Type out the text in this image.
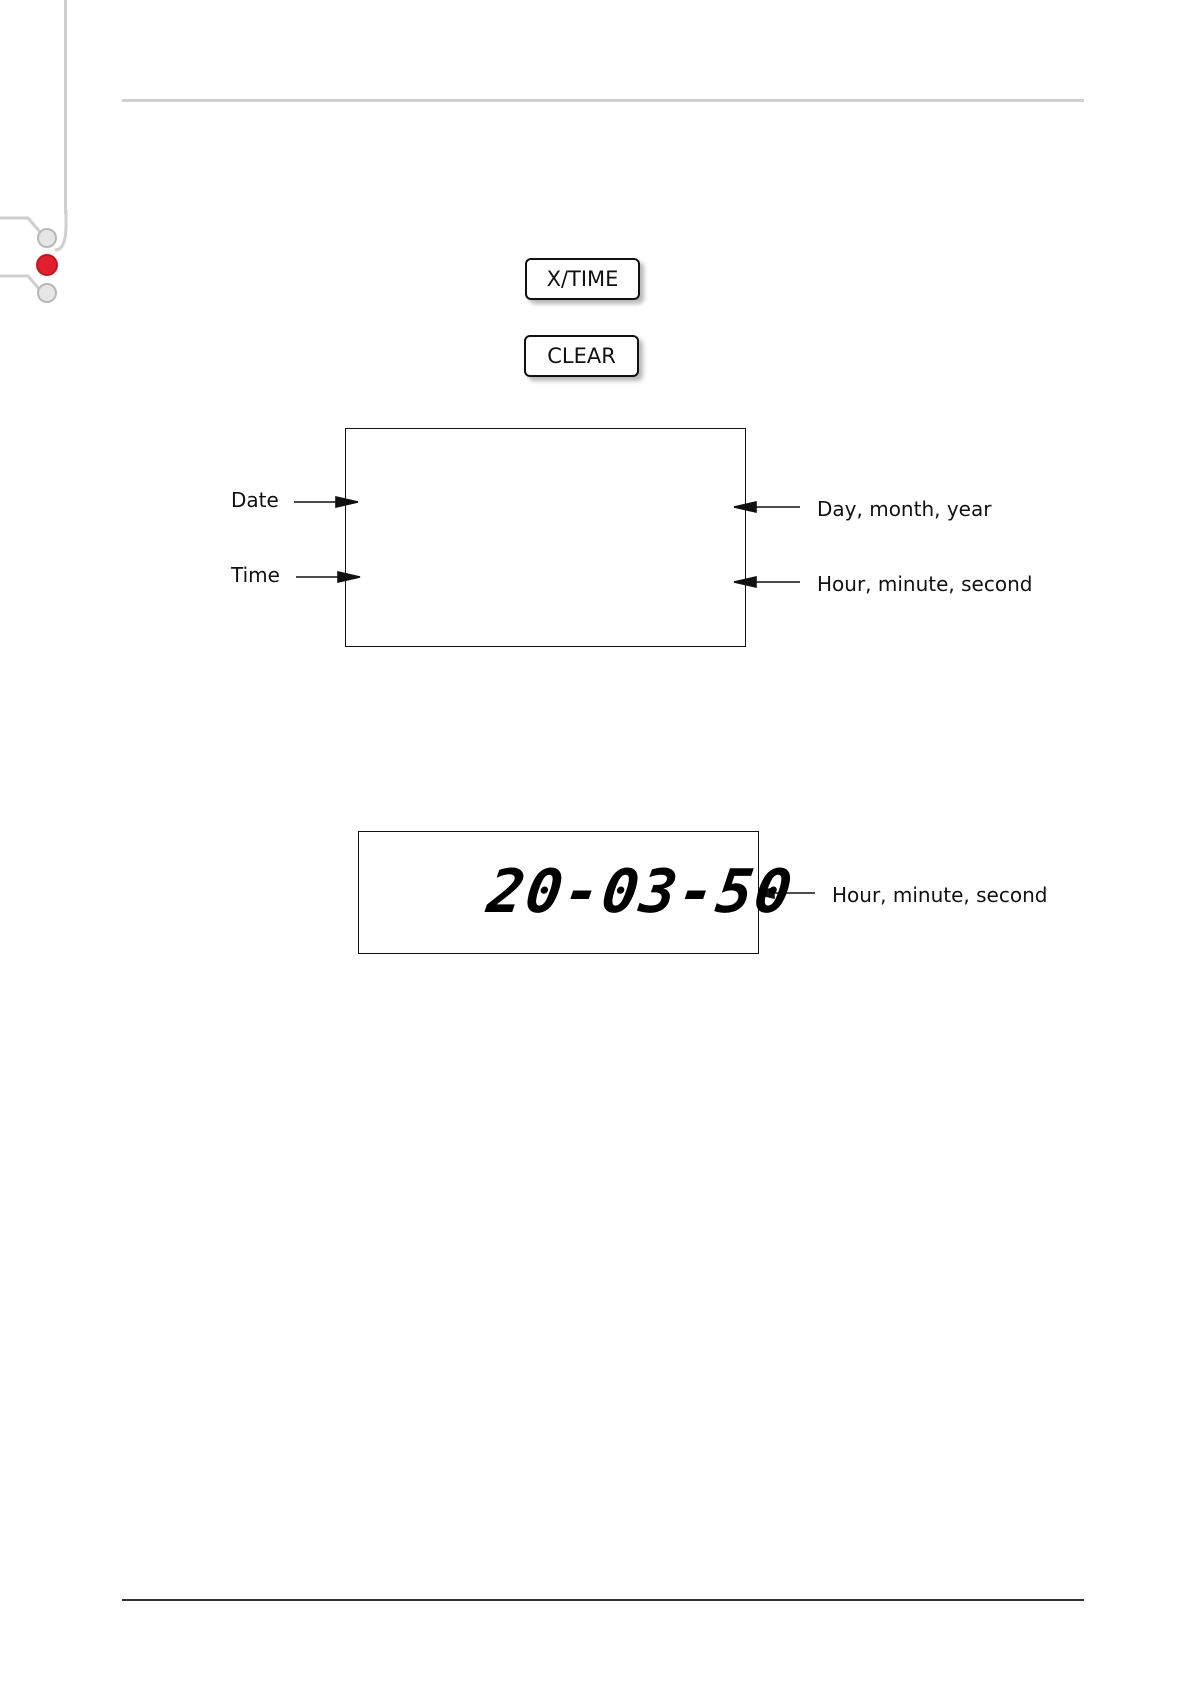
X/TIME
CLEAR
Date
Time
Day, month, year
Hour, minute, second
20-03-50 Hour, minute, second
